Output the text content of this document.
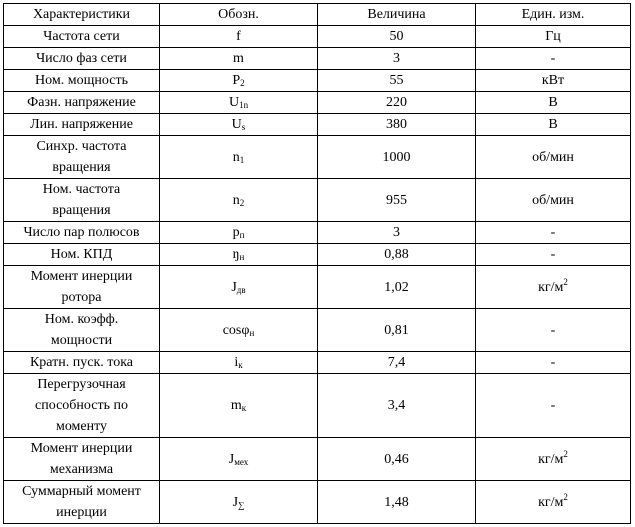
Характеристики	Обозн.	Величина	Един. изм.
Частота сети	f	50	Гц
Число фаз сети	m	3	-
Ном. мощность	$P_2$	55	кВт
Фазн. напряжение	$U_{1n}$	220	В
Лин. напряжение	$U_s$	380	В
Синхр. частота
вращения	$n_1$	1000	об/мин
Ном. частота
вращения	$n_2$	955	об/мин
Число пар полюсов	$p_п$	3	-
Ном. КПД	$ŋ_н$	0,88	-
Момент инерции
ротора	$J_{дв}$	1,02	$кг/м^2$
Ном. коэфф.
мощности	cosφ$_н$	0,81	-
Кратн. пуск. тока	$i_к$	7,4	-
Перегрузочная
способность по
моменту	$m_к$	3,4	-
Момент инерции
механизма	$J_{мех}$	0,46	$кг/м^2$
Суммарный момент
инерции	$J_\sum$	1,48	$кг/м^2$
